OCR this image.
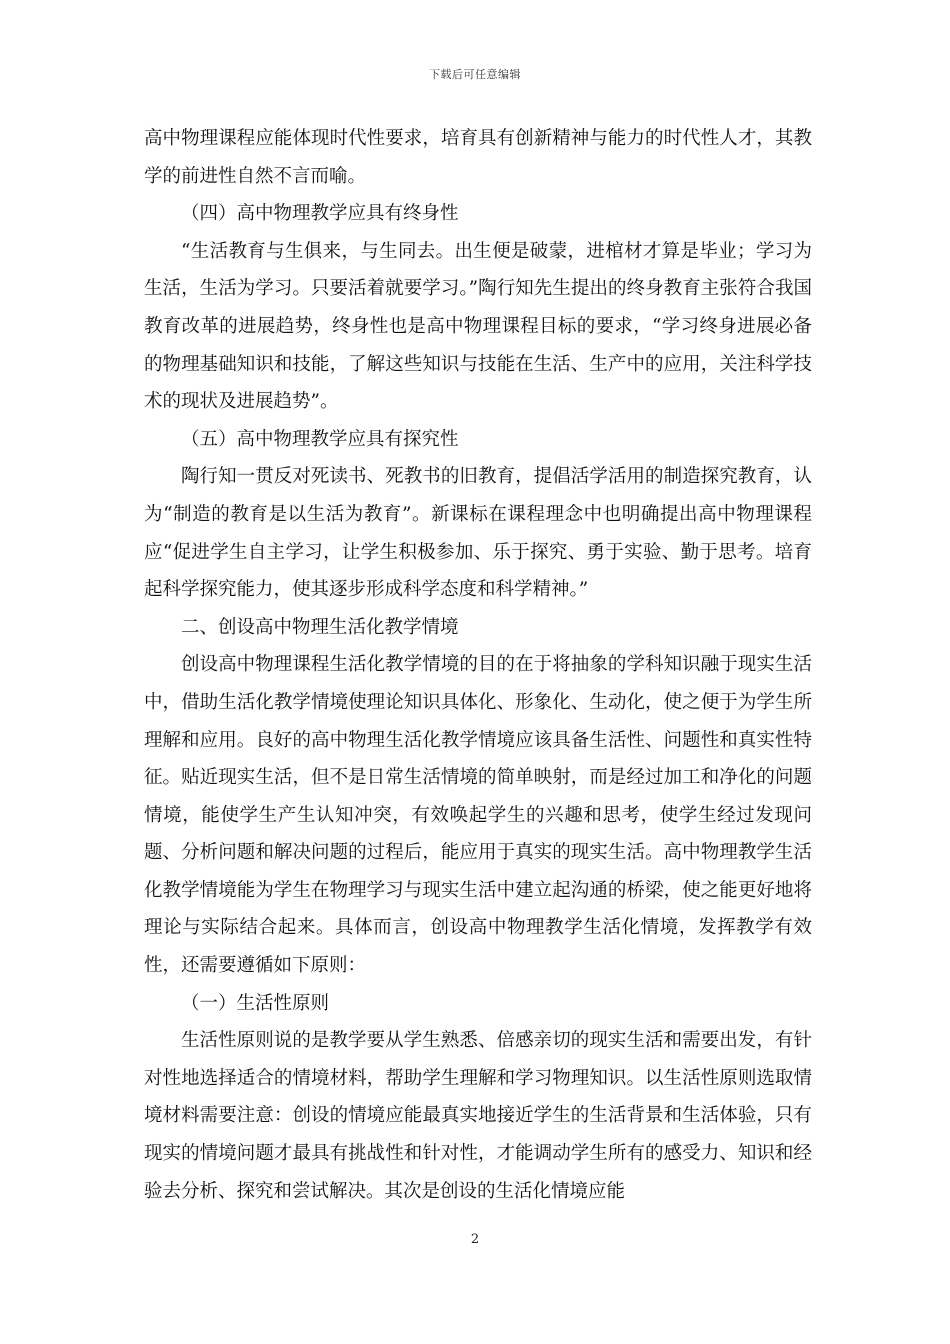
下载后可任意编辑

高中物理课程应能体现时代性要求，培育具有创新精神与能力的时代性人才，其教学的前进性自然不言而喻。

（四）高中物理教学应具有终身性

“生活教育与生俱来，与生同去。出生便是破蒙，进棺材才算是毕业；学习为生活，生活为学习。只要活着就要学习。”陶行知先生提出的终身教育主张符合我国教育改革的进展趋势，终身性也是高中物理课程目标的要求，“学习终身进展必备的物理基础知识和技能，了解这些知识与技能在生活、生产中的应用，关注科学技术的现状及进展趋势”。

（五）高中物理教学应具有探究性

陶行知一贯反对死读书、死教书的旧教育，提倡活学活用的制造探究教育，认为“制造的教育是以生活为教育”。新课标在课程理念中也明确提出高中物理课程应“促进学生自主学习，让学生积极参加、乐于探究、勇于实验、勤于思考。培育起科学探究能力，使其逐步形成科学态度和科学精神。”

二、创设高中物理生活化教学情境

创设高中物理课程生活化教学情境的目的在于将抽象的学科知识融于现实生活中，借助生活化教学情境使理论知识具体化、形象化、生动化，使之便于为学生所理解和应用。良好的高中物理生活化教学情境应该具备生活性、问题性和真实性特征。贴近现实生活，但不是日常生活情境的简单映射，而是经过加工和净化的问题情境，能使学生产生认知冲突，有效唤起学生的兴趣和思考，使学生经过发现问题、分析问题和解决问题的过程后，能应用于真实的现实生活。高中物理教学生活化教学情境能为学生在物理学习与现实生活中建立起沟通的桥梁，使之能更好地将理论与实际结合起来。具体而言，创设高中物理教学生活化情境，发挥教学有效性，还需要遵循如下原则：

（一）生活性原则

生活性原则说的是教学要从学生熟悉、倍感亲切的现实生活和需要出发，有针对性地选择适合的情境材料，帮助学生理解和学习物理知识。以生活性原则选取情境材料需要注意：创设的情境应能最真实地接近学生的生活背景和生活体验，只有现实的情境问题才最具有挑战性和针对性，才能调动学生所有的感受力、知识和经验去分析、探究和尝试解决。其次是创设的生活化情境应能

2
